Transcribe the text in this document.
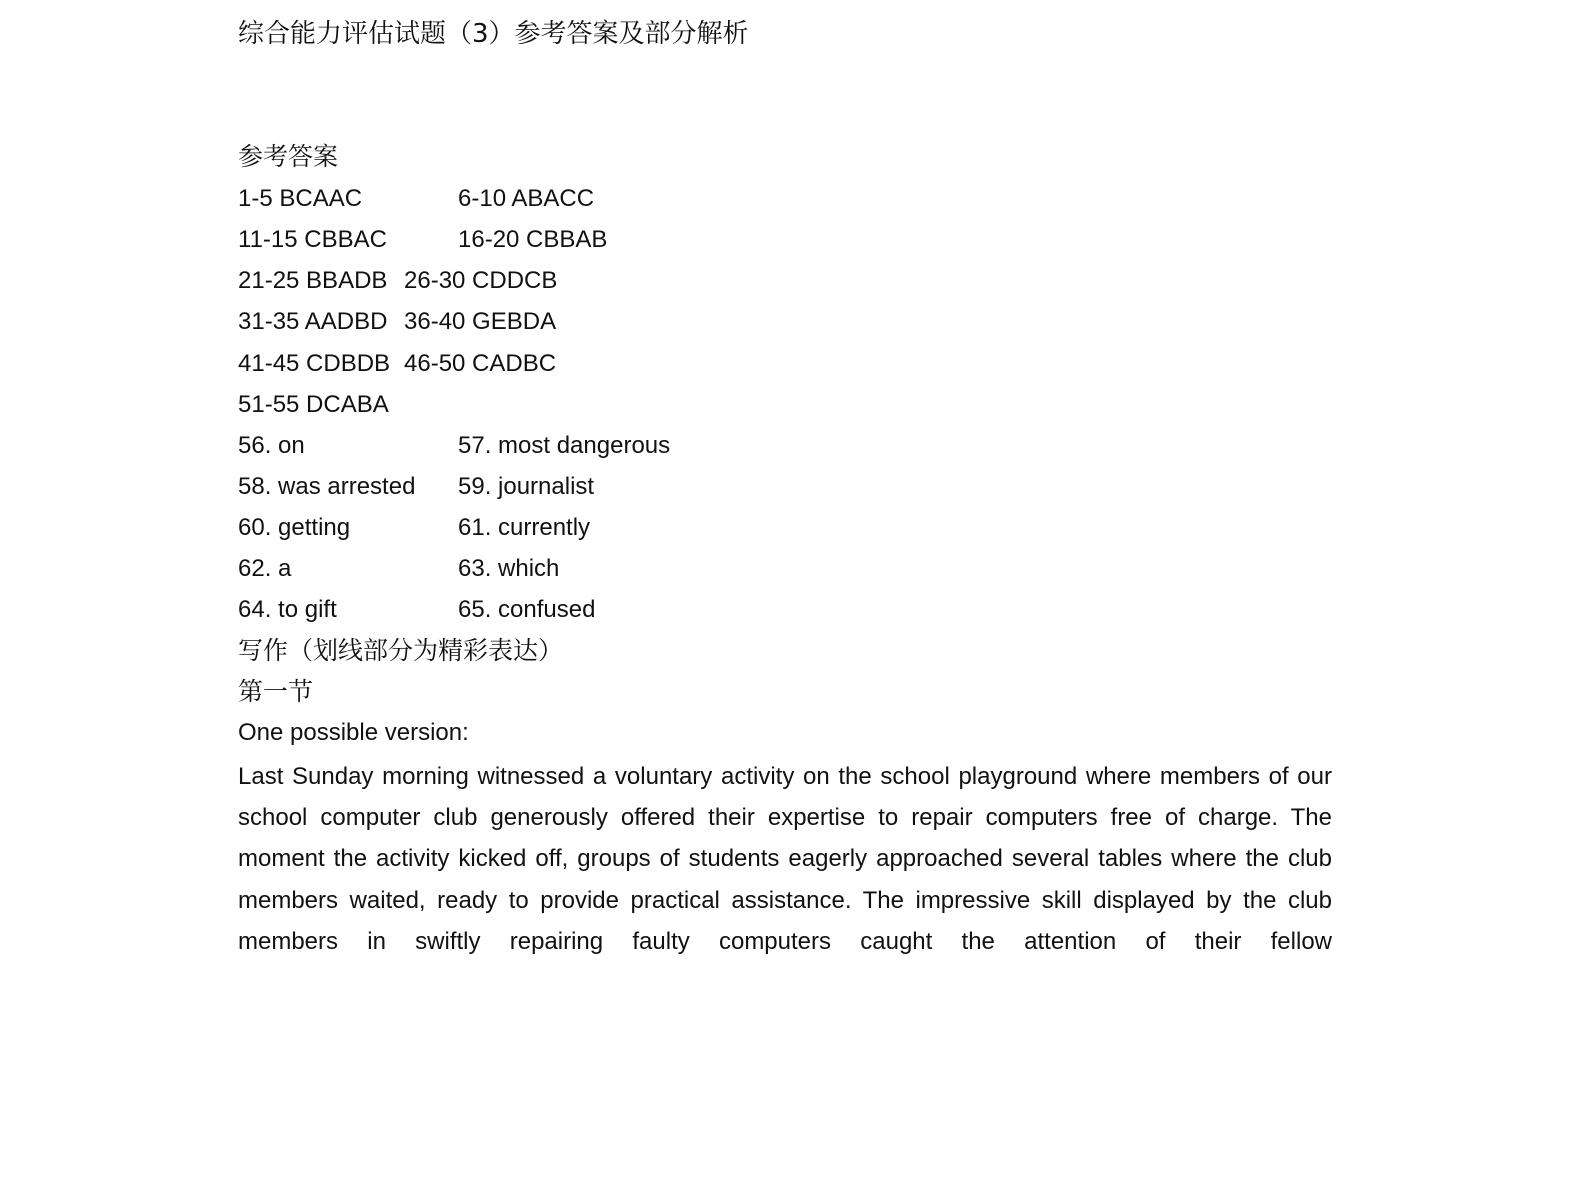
综合能力评估试题（3）参考答案及部分解析
参考答案
1-5 BCAAC	6-10 ABACC
11-15 CBBAC	16-20 CBBAB
21-25 BBADB 26-30 CDDCB
31-35 AADBD 36-40 GEBDA
41-45 CDBDB 46-50 CADBC
51-55 DCABA
56. on	57. most dangerous
58. was arrested 59. journalist
60. getting	61. currently
62. a	63. which
64. to gift	65. confused
写作（划线部分为精彩表达）
第一节
One possible version:
Last Sunday morning witnessed a voluntary activity on the school playground where members of our school computer club generously offered their expertise to repair computers free of charge. The moment the activity kicked off, groups of students eagerly approached several tables where the club members waited, ready to provide practical assistance. The impressive skill displayed by the club members in swiftly repairing faulty computers caught the attention of their fellow
